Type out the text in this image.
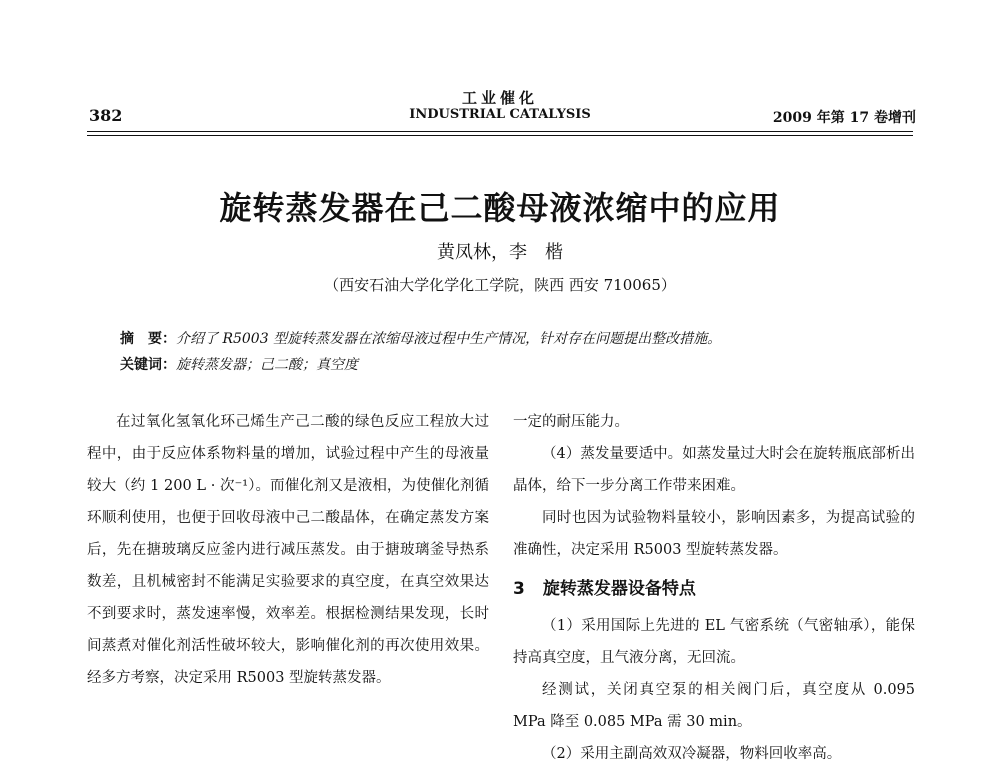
382
工业催化
INDUSTRIAL CATALYSIS	2009 年第 17 卷增刊
旋转蒸发器在己二酸母液浓缩中的应用
黄凤林，李　楷
（西安石油大学化学化工学院，陕西 西安 710065）
摘　要：介绍了 R5003 型旋转蒸发器在浓缩母液过程中生产情况，针对存在问题提出整改措施。
关键词：旋转蒸发器；己二酸；真空度

在过氧化氢氧化环己烯生产己二酸的绿色反应工程放大过程中，由于反应体系物料量的增加，试验过程中产生的母液量较大（约 1 200 L · 次⁻¹）。而催化剂又是液相，为使催化剂循环顺利使用，也便于回收母液中己二酸晶体，在确定蒸发方案后，先在搪玻璃反应釜内进行减压蒸发。由于搪玻璃釜导热系数差，且机械密封不能满足实验要求的真空度，在真空效果达不到要求时，蒸发速率慢，效率差。根据检测结果发现，长时间蒸煮对催化剂活性破坏较大，影响催化剂的再次使用效果。经多方考察，决定采用 R5003 型旋转蒸发器。

一定的耐压能力。

（4）蒸发量要适中。如蒸发量过大时会在旋转瓶底部析出晶体，给下一步分离工作带来困难。

同时也因为试验物料量较小，影响因素多，为提高试验的准确性，决定采用 R5003 型旋转蒸发器。

3 旋转蒸发器设备特点

（1）采用国际上先进的 EL 气密系统（气密轴承），能保持高真空度，且气液分离，无回流。

经测试，关闭真空泵的相关阀门后，真空度从 0.095 MPa 降至 0.085 MPa 需 30 min。

（2）采用主副高效双冷凝器，物料回收率高。
